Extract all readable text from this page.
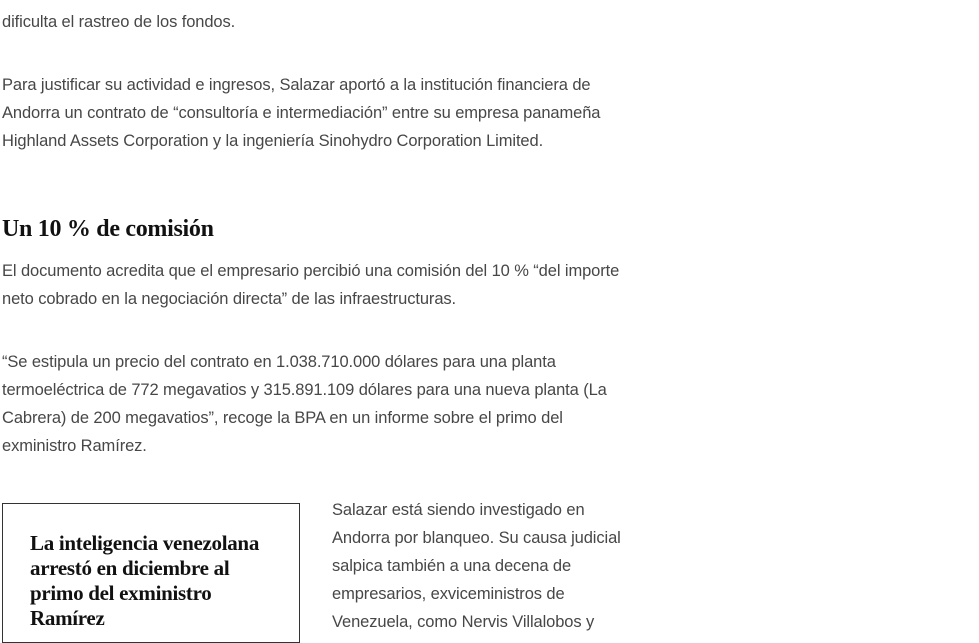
dificulta el rastreo de los fondos.

Para justificar su actividad e ingresos, Salazar aportó a la institución financiera de Andorra un contrato de “consultoría e intermediación” entre su empresa panameña Highland Assets Corporation y la ingeniería Sinohydro Corporation Limited.

Un 10 % de comisión

El documento acredita que el empresario percibió una comisión del 10 % “del importe neto cobrado en la negociación directa” de las infraestructuras.

“Se estipula un precio del contrato en 1.038.710.000 dólares para una planta termoeléctrica de 772 megavatios y 315.891.109 dólares para una nueva planta (La Cabrera) de 200 megavatios”, recoge la BPA en un informe sobre el primo del exministro Ramírez.

La inteligencia venezolana arrestó en diciembre al primo del exministro Ramírez

Salazar está siendo investigado en Andorra por blanqueo. Su causa judicial salpica también a una decena de empresarios, exviceministros de Venezuela, como Nervis Villalobos y
